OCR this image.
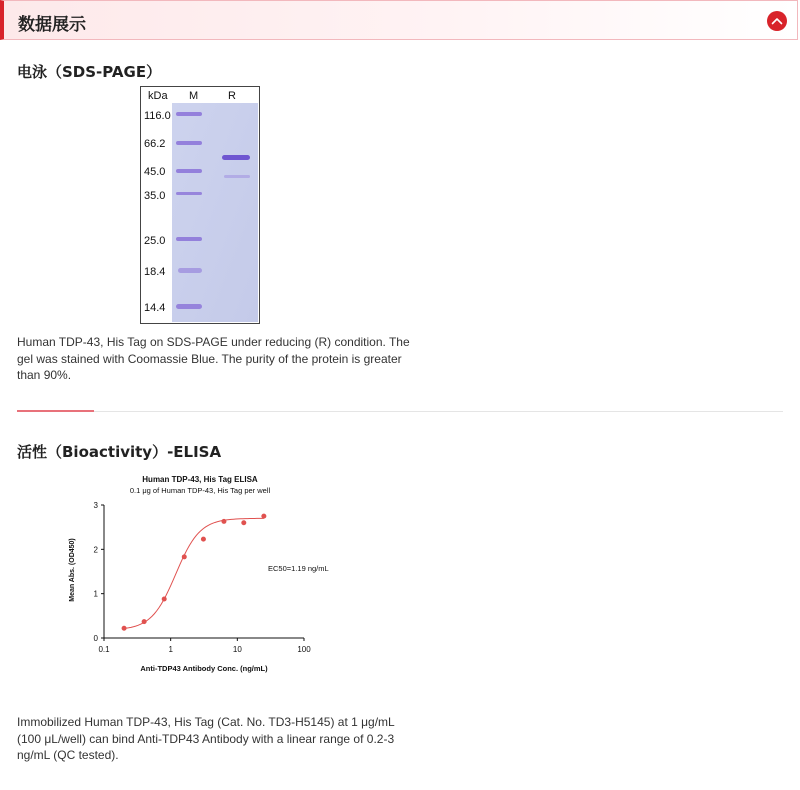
数据展示
电泳（SDS-PAGE）
kDa M	R
116.0
66.2
45.0
35.0
25.0
18.4
14.4
Human TDP-43, His Tag on SDS-PAGE under reducing (R) condition. The
gel was stained with Coomassie Blue. The purity of the protein is greater
than 90%.
活性（Bioactivity）-ELISA
Human TDP-43, His Tag ELISA
0.1 μg of Human TDP-43, His Tag per well
Mean Abs. (OD450)
Anti-TDP43 Antibody Conc. (ng/mL)
EC50=1.19 ng/mL
0.1	1	10	100
0
1
2
3
Immobilized Human TDP-43, His Tag (Cat. No. TD3-H5145) at 1 μg/mL
(100 μL/well) can bind Anti-TDP43 Antibody with a linear range of 0.2-3
ng/mL (QC tested).
